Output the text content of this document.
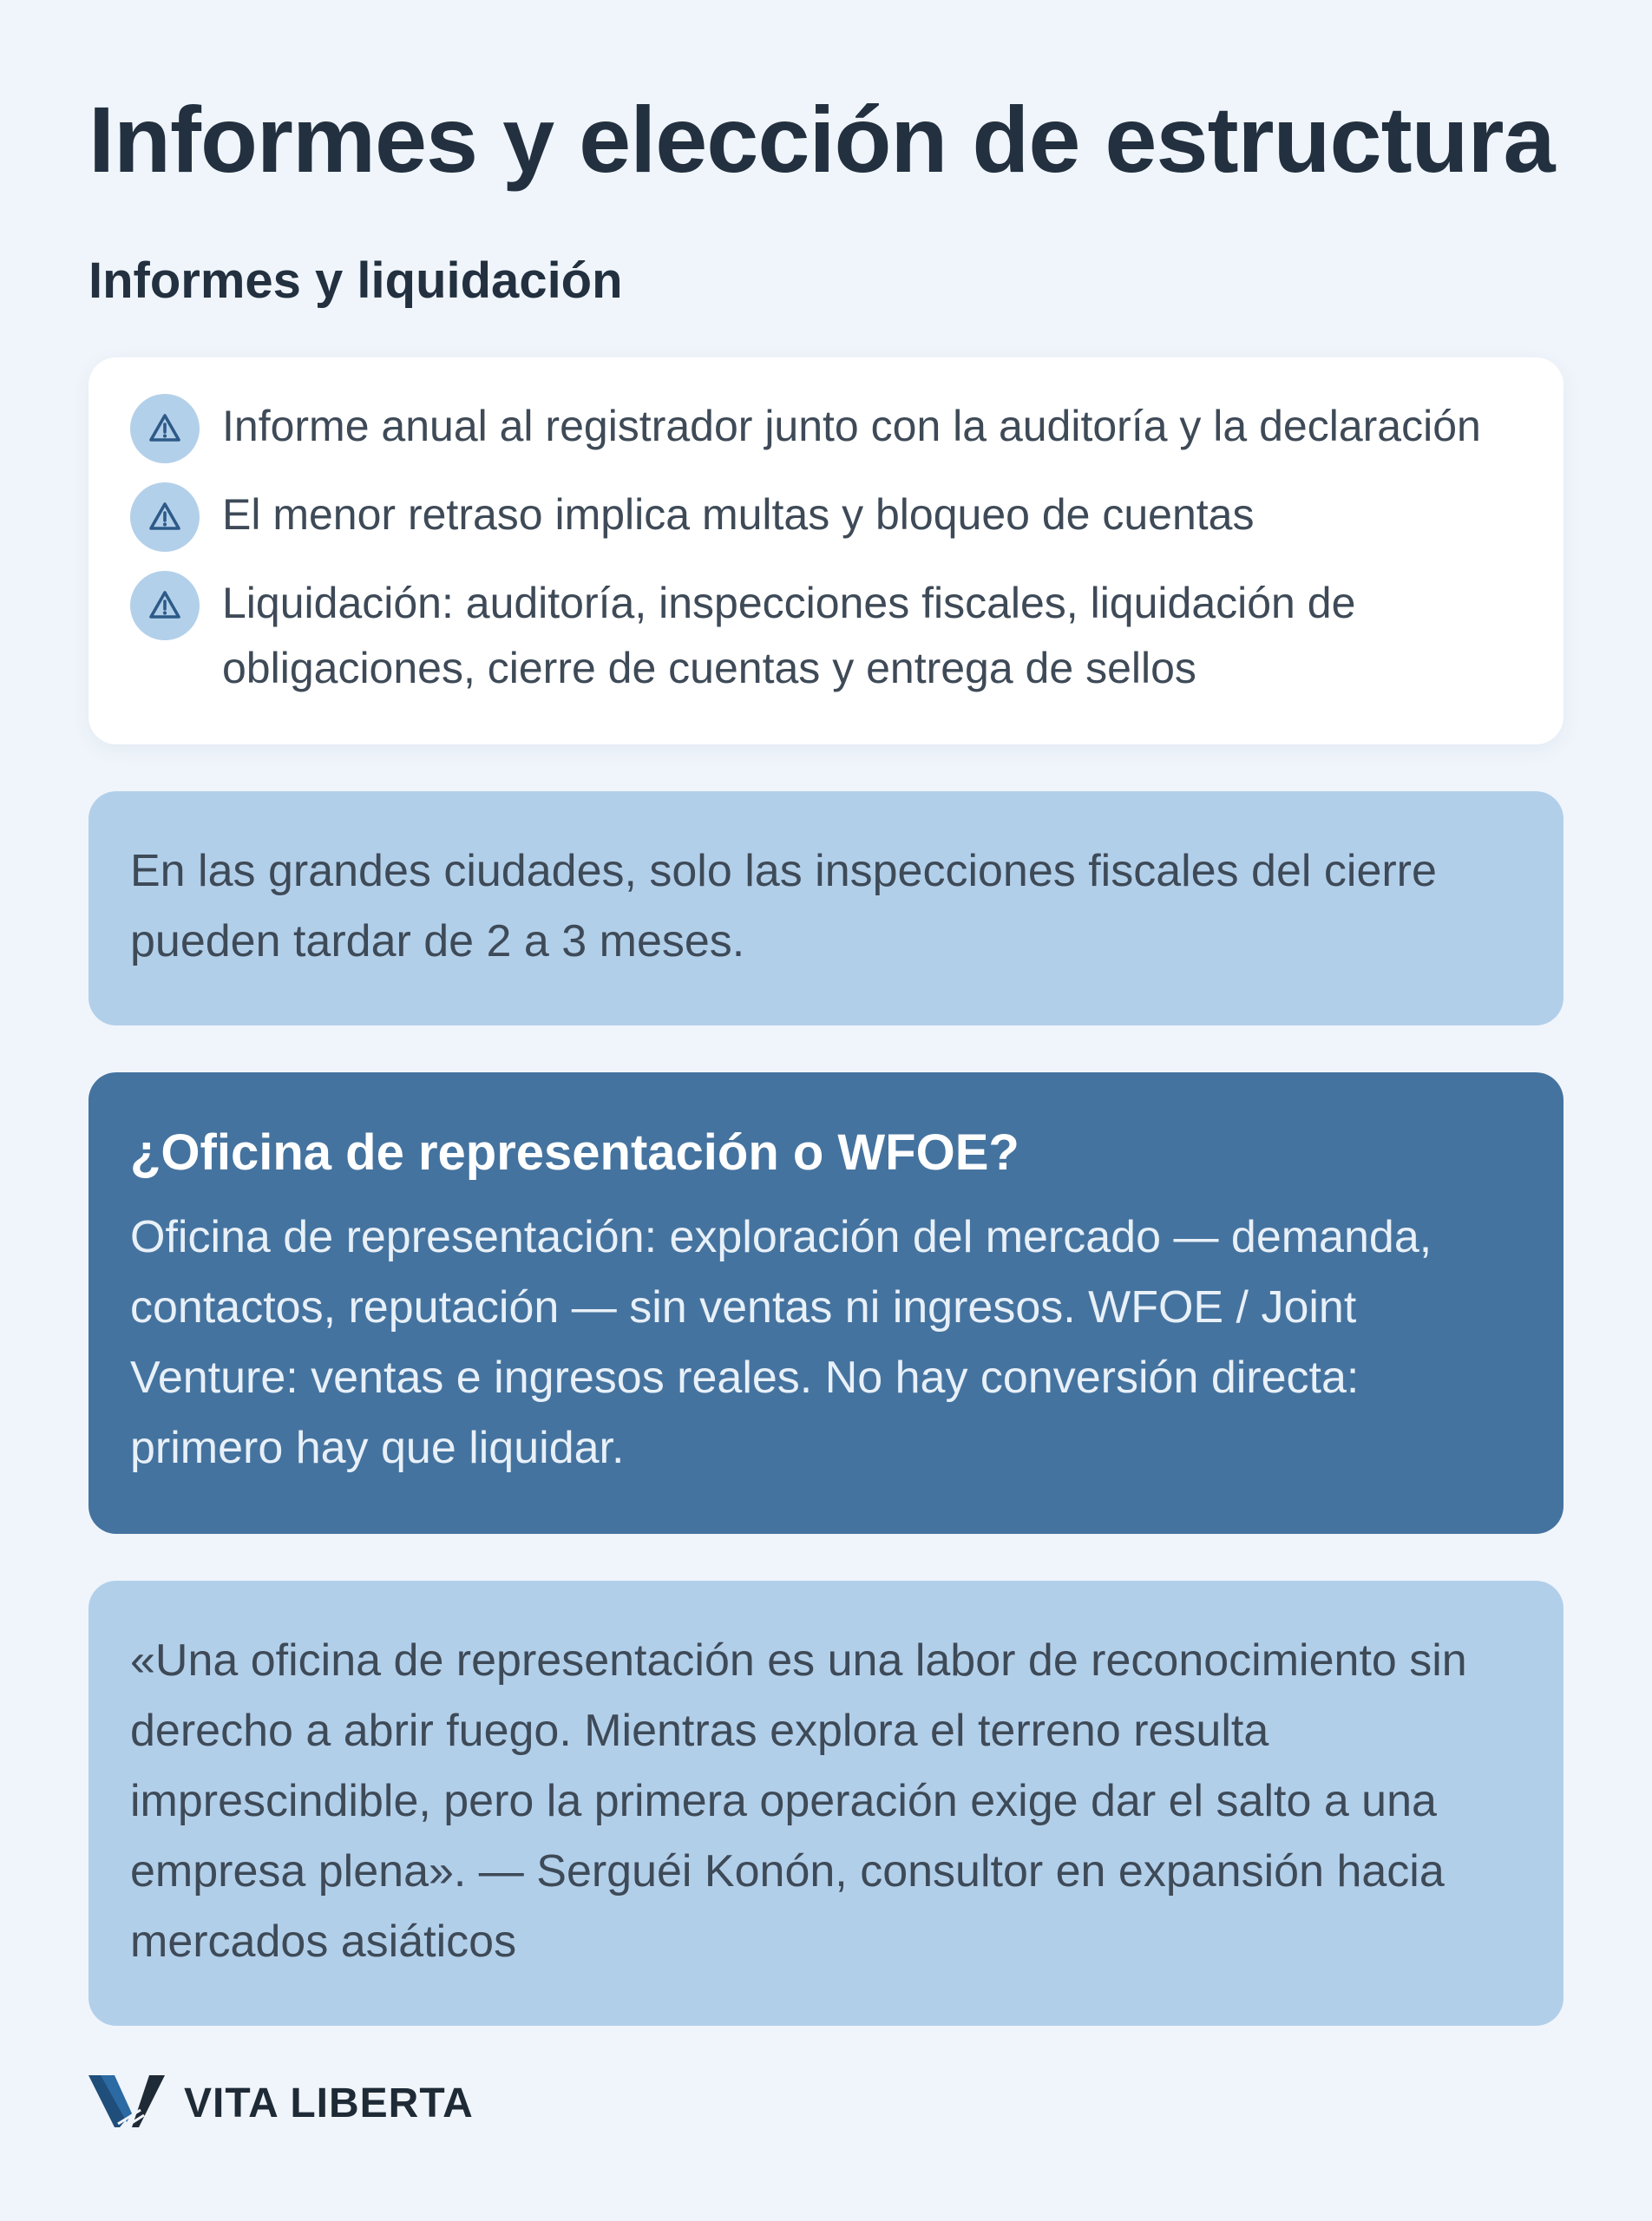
Informes y elección de estructura
Informes y liquidación
Informe anual al registrador junto con la auditoría y la declaración
El menor retraso implica multas y bloqueo de cuentas
Liquidación: auditoría, inspecciones fiscales, liquidación de obligaciones, cierre de cuentas y entrega de sellos

En las grandes ciudades, solo las inspecciones fiscales del cierre pueden tardar de 2 a 3 meses.

¿Oficina de representación o WFOE?

Oficina de representación: exploración del mercado — demanda, contactos, reputación — sin ventas ni ingresos. WFOE / Joint Venture: ventas e ingresos reales. No hay conversión directa: primero hay que liquidar.

«Una oficina de representación es una labor de reconocimiento sin derecho a abrir fuego. Mientras explora el terreno resulta imprescindible, pero la primera operación exige dar el salto a una empresa plena». — Serguéi Konón, consultor en expansión hacia mercados asiáticos

VITA LIBERTA
